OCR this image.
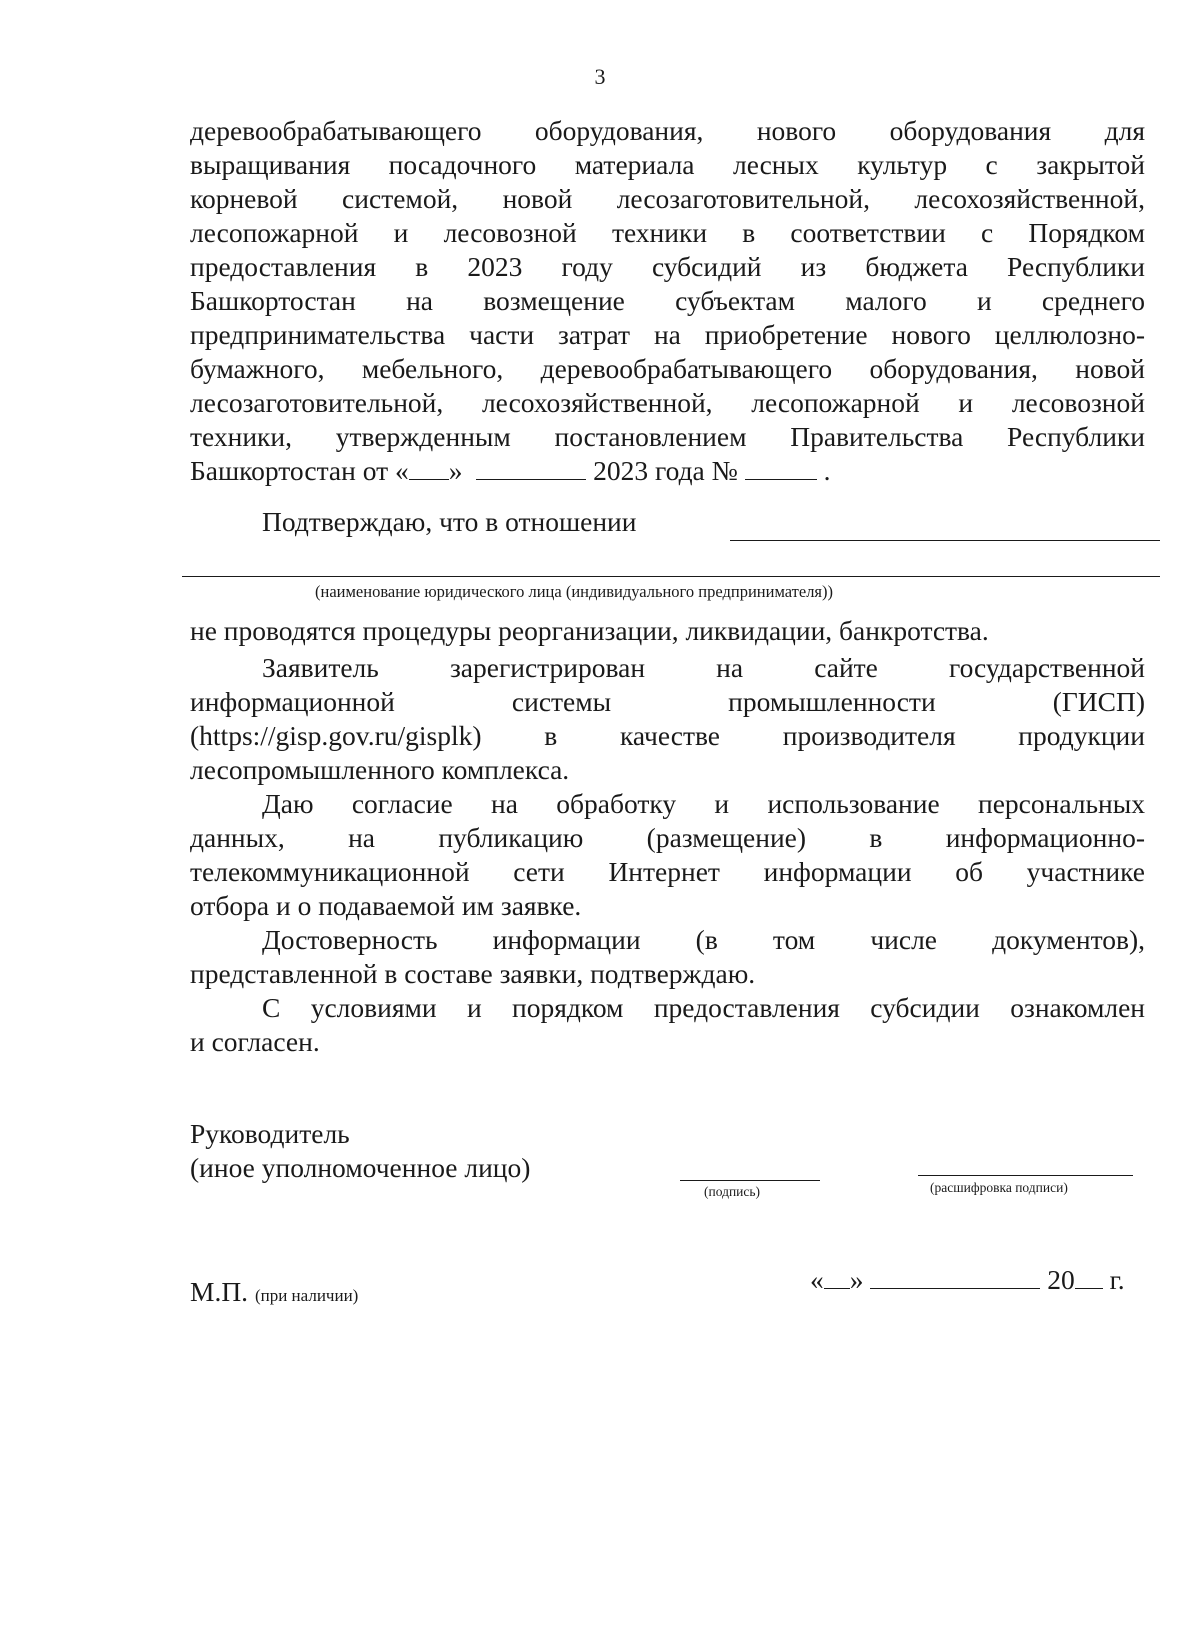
3
деревообрабатывающего оборудования, нового оборудования для
выращивания посадочного материала лесных культур с закрытой
корневой системой, новой лесозаготовительной, лесохозяйственной,
лесопожарной и лесовозной техники в соответствии с Порядком
предоставления в 2023 году субсидий из бюджета Республики
Башкортостан на возмещение субъектам малого и среднего
предпринимательства части затрат на приобретение нового целлюлозно-
бумажного, мебельного, деревообрабатывающего оборудования, новой
лесозаготовительной, лесохозяйственной, лесопожарной и лесовозной
техники, утвержденным постановлением Правительства Республики
Башкортостан от « »	2023 года №	.
Подтверждаю, что в отношении
(наименование юридического лица (индивидуального предпринимателя))
не проводятся процедуры реорганизации, ликвидации, банкротства.
Заявитель зарегистрирован на сайте государственной
информационной системы промышленности (ГИСП)
(https://gisp.gov.ru/gisplk) в качестве производителя продукции
лесопромышленного комплекса.
Даю согласие на обработку и использование персональных
данных, на публикацию (размещение) в информационно-
телекоммуникационной сети Интернет информации об участнике
отбора и о подаваемой им заявке.
Достоверность информации (в том числе документов),
представленной в составе заявки, подтверждаю.
С условиями и порядком предоставления субсидии ознакомлен
и согласен.
Руководитель
(иное уполномоченное лицо)
(подпись)	(расшифровка подписи)
М.П. (при наличии)
« »	20 г.
